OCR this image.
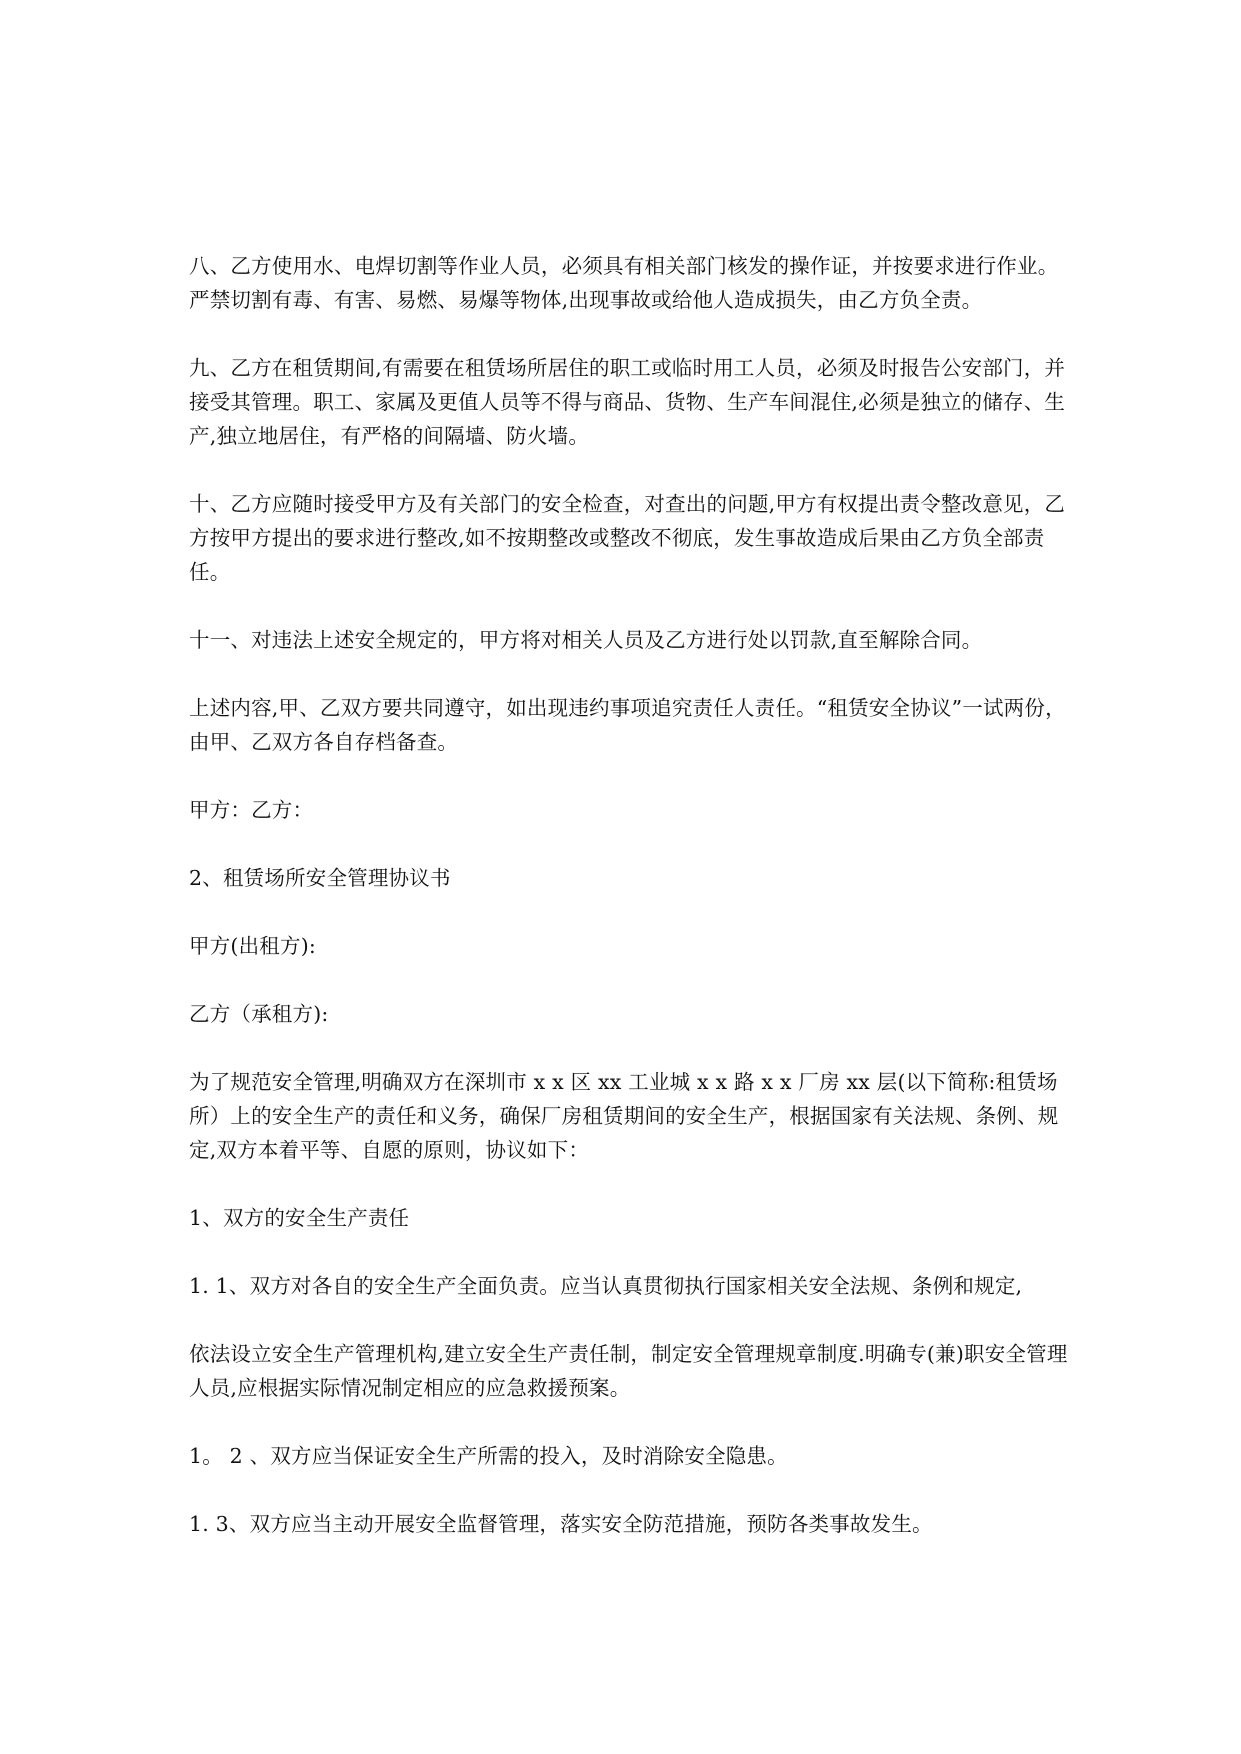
八、乙方使用水、电焊切割等作业人员，必须具有相关部门核发的操作证，并按要求进行作业。严禁切割有毒、有害、易燃、易爆等物体,出现事故或给他人造成损失，由乙方负全责。

九、乙方在租赁期间,有需要在租赁场所居住的职工或临时用工人员，必须及时报告公安部门，并接受其管理。职工、家属及更值人员等不得与商品、货物、生产车间混住,必须是独立的储存、生产,独立地居住，有严格的间隔墙、防火墙。

十、乙方应随时接受甲方及有关部门的安全检查，对查出的问题,甲方有权提出责令整改意见，乙方按甲方提出的要求进行整改,如不按期整改或整改不彻底，发生事故造成后果由乙方负全部责任。

十一、对违法上述安全规定的，甲方将对相关人员及乙方进行处以罚款,直至解除合同。

上述内容,甲、乙双方要共同遵守，如出现违约事项追究责任人责任。“租赁安全协议”一试两份，由甲、乙双方各自存档备查。

甲方：乙方：

2、租赁场所安全管理协议书

甲方(出租方):

乙方（承租方):

为了规范安全管理,明确双方在深圳市 x x 区 xx 工业城 x x 路 x x 厂房 xx 层(以下简称:租赁场所）上的安全生产的责任和义务，确保厂房租赁期间的安全生产，根据国家有关法规、条例、规定,双方本着平等、自愿的原则，协议如下：

1、双方的安全生产责任

1. 1、双方对各自的安全生产全面负责。应当认真贯彻执行国家相关安全法规、条例和规定,

依法设立安全生产管理机构,建立安全生产责任制，制定安全管理规章制度.明确专(兼)职安全管理人员,应根据实际情况制定相应的应急救援预案。

1。 2 、双方应当保证安全生产所需的投入，及时消除安全隐患。

1. 3、双方应当主动开展安全监督管理，落实安全防范措施，预防各类事故发生。
